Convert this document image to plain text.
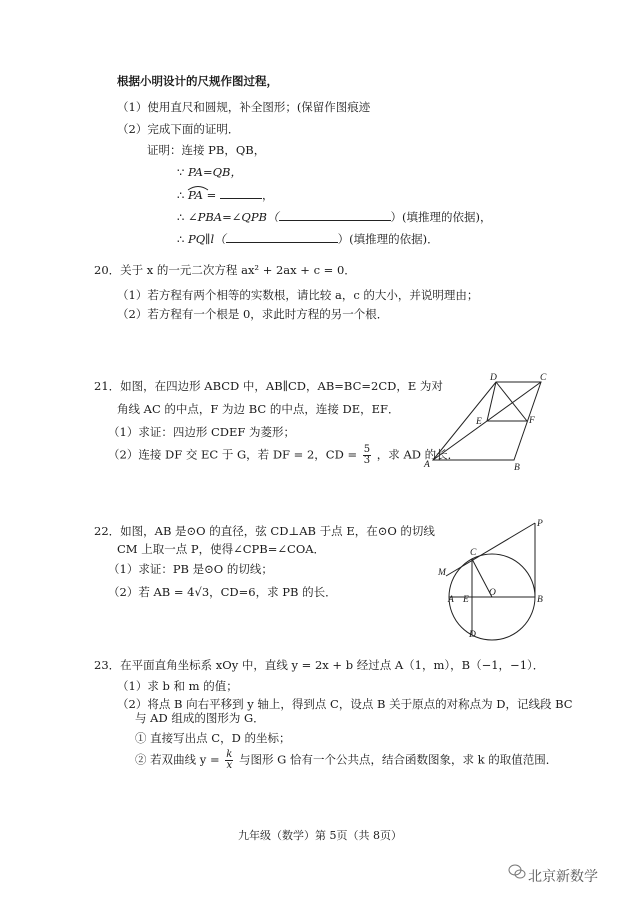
根据小明设计的尺规作图过程，
（1）使用直尺和圆规，补全图形；(保留作图痕迹
（2）完成下面的证明．
证明：连接 PB，QB，
∵ PA=QB，
∴ PA =	，
∴ ∠PBA=∠QPB（	）(填推理的依据)，
∴ PQ∥l（	）(填推理的依据)．
20．关于 x 的一元二次方程 ax² + 2ax + c = 0．
（1）若方程有两个相等的实数根，请比较 a，c 的大小，并说明理由；
（2）若方程有一个根是 0，求此时方程的另一个根．
21．如图，在四边形 ABCD 中，AB∥CD，AB=BC=2CD，E 为对
角线 AC 的中点，F 为边 BC 的中点，连接 DE，EF．
（1）求证：四边形 CDEF 为菱形；
（2）连接 DF 交 EC 于 G，若 DF = 2，CD = $\frac{5}{3}$ ，求 AD 的长．
D	C
E	F
A	B
22．如图，AB 是⊙O 的直径，弦 CD⊥AB 于点 E，在⊙O 的切线
CM 上取一点 P，使得∠CPB=∠COA．
（1）求证：PB 是⊙O 的切线；
（2）若 AB = 4√3，CD=6，求 PB 的长．
P
C
M
A E
O
B
D
23．在平面直角坐标系 xOy 中，直线 y = 2x + b 经过点 A（1，m），B（−1，−1）．
（1）求 b 和 m 的值；
（2）将点 B 向右平移到 y 轴上，得到点 C，设点 B 关于原点的对称点为 D，记线段 BC
与 AD 组成的图形为 G．
① 直接写出点 C，D 的坐标；
② 若双曲线 $y = \frac{k}{x}$ 与图形 G 恰有一个公共点，结合函数图象，求 k 的取值范围．
九年级（数学）第 5页（共 8页）
北京新数学
